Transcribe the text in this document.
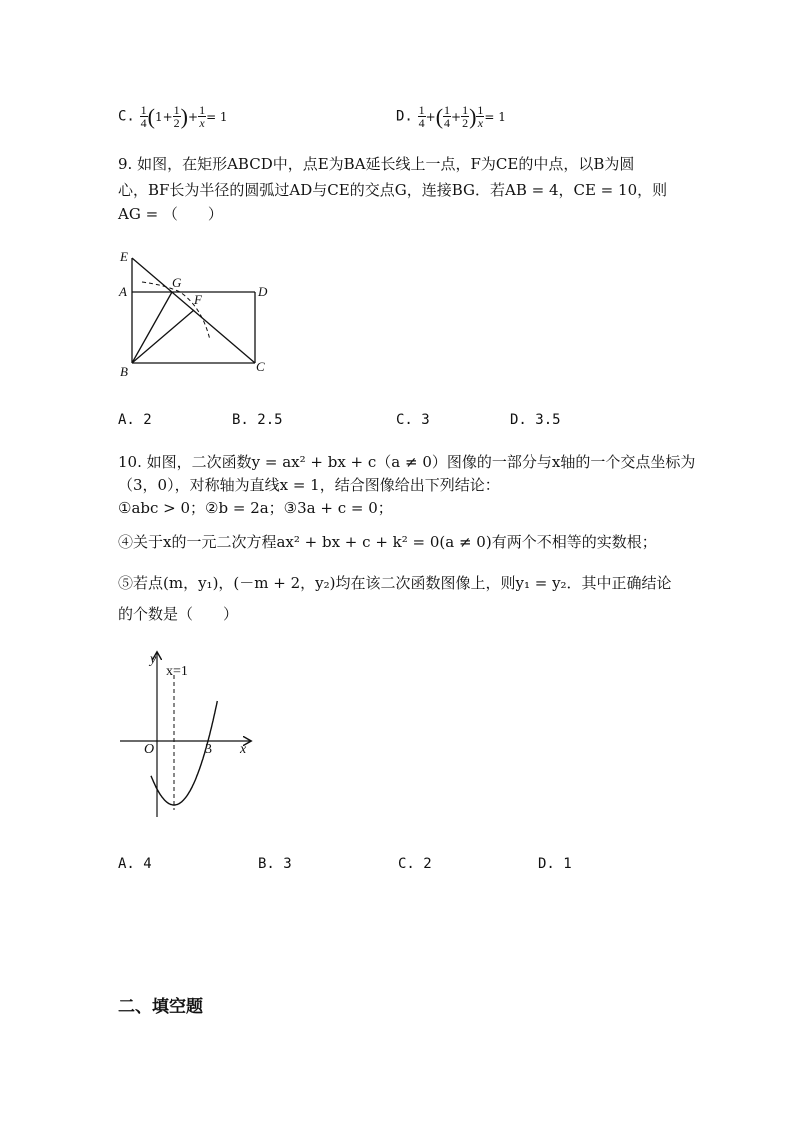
C. $\frac{1}{4} (1+ \frac{1}{2}$ )+ $\frac{1}{x} = 1$	D. $\frac{1}{4}$ +( $\frac{1}{4} + \frac{1}{2}$ ) $\frac{1}{x} = 1$
9. 如图，在矩形ABCD中，点E为BA延长线上一点，F为CE的中点，以B为圆
心，BF长为半径的圆弧过AD与CE的交点G，连接BG．若AB = 4，CE = 10，则
AG = （　　）
E
A
G
F
D
B	C
A. 2	B. 2.5	C. 3	D. 3.5
10. 如图，二次函数y = ax² + bx + c（a ≠ 0）图像的一部分与x轴的一个交点坐标为
（3，0），对称轴为直线x = 1，结合图像给出下列结论：
①abc > 0；②b = 2a；③3a + c = 0；
④关于x的一元二次方程ax² + bx + c + k² = 0(a ≠ 0)有两个不相等的实数根；
⑤若点(m，y₁)，(－m + 2，y₂)均在该二次函数图像上，则y₁ = y₂．其中正确结论
的个数是（　　）
y
x
O	3
x=1
A. 4	B. 3	C. 2	D. 1
二、填空题
